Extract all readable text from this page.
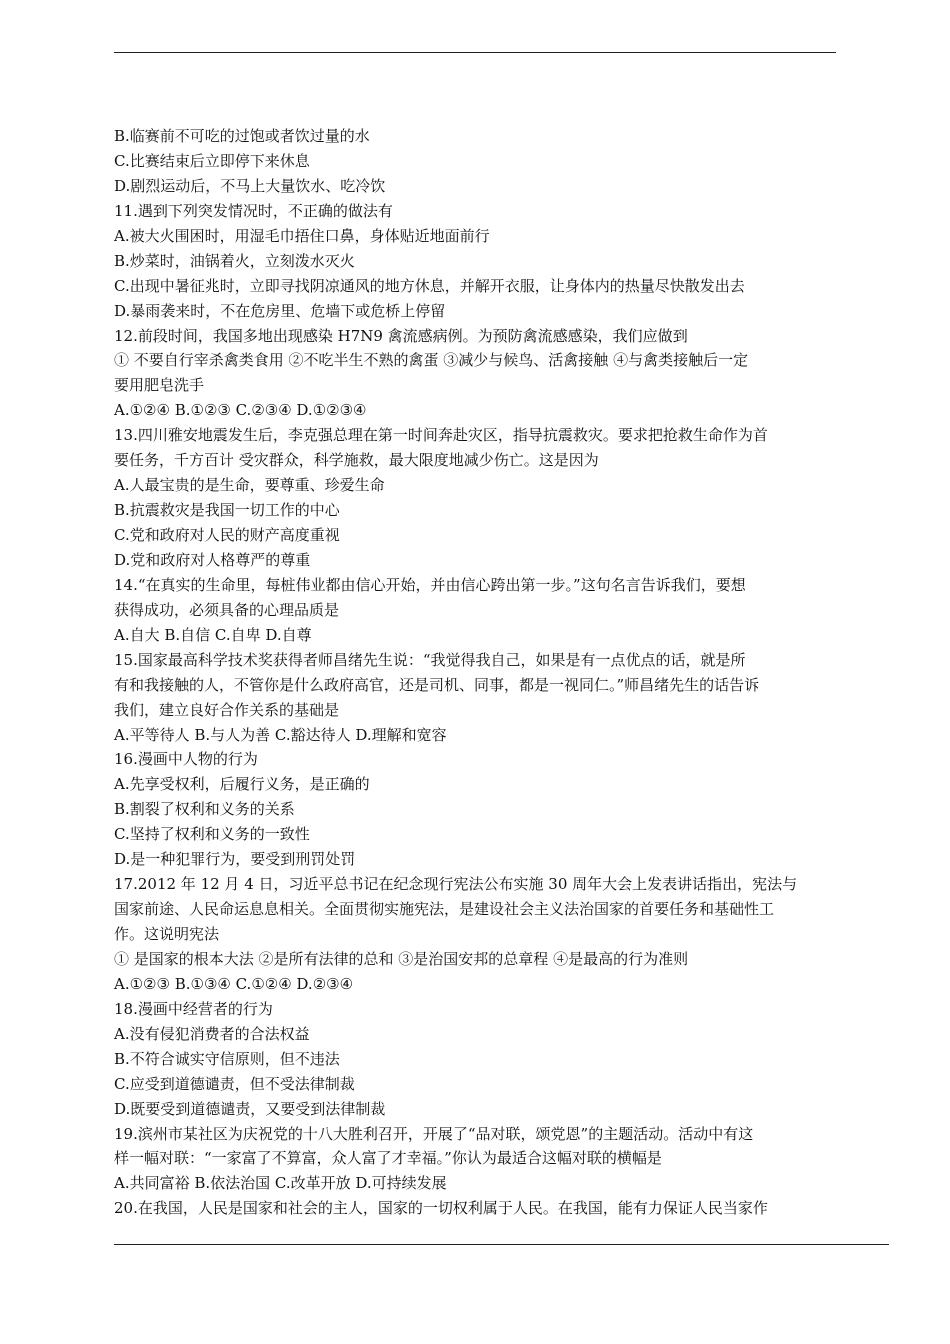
B.临赛前不可吃的过饱或者饮过量的水
C.比赛结束后立即停下来休息
D.剧烈运动后，不马上大量饮水、吃冷饮
11.遇到下列突发情况时，不正确的做法有
A.被大火围困时，用湿毛巾捂住口鼻，身体贴近地面前行
B.炒菜时，油锅着火，立刻泼水灭火
C.出现中暑征兆时，立即寻找阴凉通风的地方休息，并解开衣服，让身体内的热量尽快散发出去
D.暴雨袭来时，不在危房里、危墙下或危桥上停留
12.前段时间，我国多地出现感染 H7N9 禽流感病例。为预防禽流感感染，我们应做到
① 不要自行宰杀禽类食用 ②不吃半生不熟的禽蛋 ③减少与候鸟、活禽接触 ④与禽类接触后一定
要用肥皂洗手
A.①②④ B.①②③ C.②③④ D.①②③④
13.四川雅安地震发生后，李克强总理在第一时间奔赴灾区，指导抗震救灾。要求把抢救生命作为首
要任务，千方百计 受灾群众，科学施救，最大限度地减少伤亡。这是因为
A.人最宝贵的是生命，要尊重、珍爱生命
B.抗震救灾是我国一切工作的中心
C.党和政府对人民的财产高度重视
D.党和政府对人格尊严的尊重
14.“在真实的生命里，每桩伟业都由信心开始，并由信心跨出第一步。”这句名言告诉我们，要想
获得成功，必须具备的心理品质是
A.自大 B.自信 C.自卑 D.自尊
15.国家最高科学技术奖获得者师昌绪先生说：“我觉得我自己，如果是有一点优点的话，就是所
有和我接触的人，不管你是什么政府高官，还是司机、同事，都是一视同仁。”师昌绪先生的话告诉
我们，建立良好合作关系的基础是
A.平等待人 B.与人为善 C.豁达待人 D.理解和宽容
16.漫画中人物的行为
A.先享受权利，后履行义务，是正确的
B.割裂了权利和义务的关系
C.坚持了权利和义务的一致性
D.是一种犯罪行为，要受到刑罚处罚
17.2012 年 12 月 4 日，习近平总书记在纪念现行宪法公布实施 30 周年大会上发表讲话指出，宪法与
国家前途、人民命运息息相关。全面贯彻实施宪法，是建设社会主义法治国家的首要任务和基础性工
作。这说明宪法
① 是国家的根本大法 ②是所有法律的总和 ③是治国安邦的总章程 ④是最高的行为准则
A.①②③ B.①③④ C.①②④ D.②③④
18.漫画中经营者的行为
A.没有侵犯消费者的合法权益
B.不符合诚实守信原则，但不违法
C.应受到道德谴责，但不受法律制裁
D.既要受到道德谴责，又要受到法律制裁
19.滨州市某社区为庆祝党的十八大胜利召开，开展了“品对联，颂党恩”的主题活动。活动中有这
样一幅对联：“一家富了不算富，众人富了才幸福。”你认为最适合这幅对联的横幅是
A.共同富裕 B.依法治国 C.改革开放 D.可持续发展
20.在我国，人民是国家和社会的主人，国家的一切权利属于人民。在我国，能有力保证人民当家作
